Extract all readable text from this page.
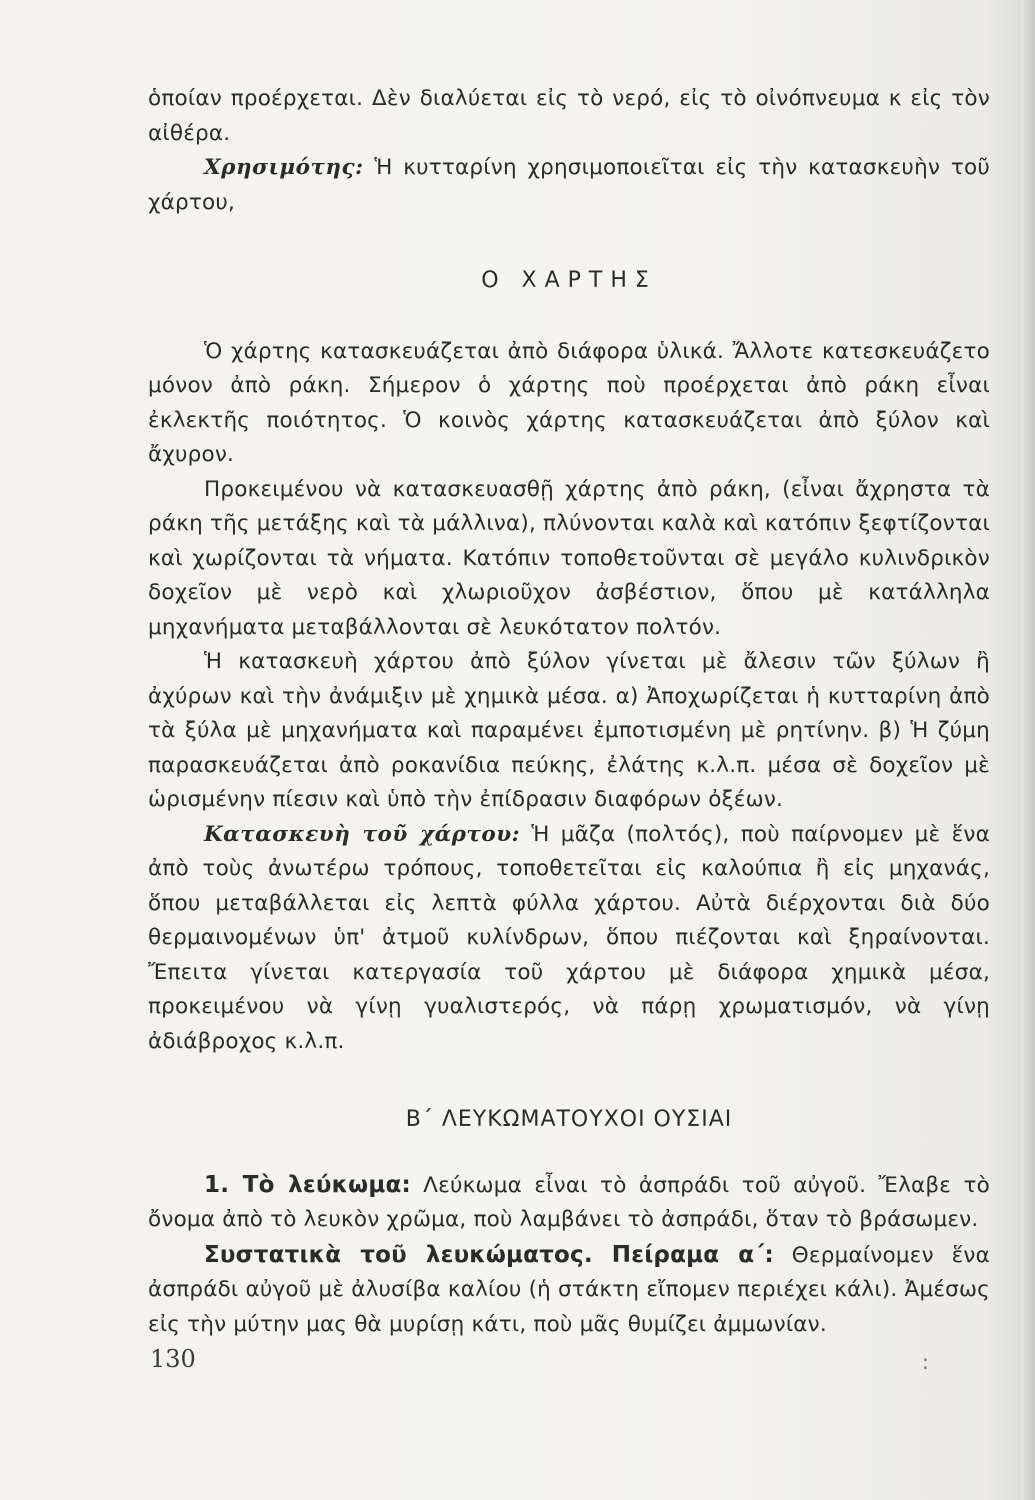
ὁποίαν προέρχεται. Δὲν διαλύεται εἰς τὸ νερό, εἰς τὸ οἰνόπνευμα κ εἰς τὸν αἰθέρα.

Χρησιμότης: Ἡ κυτταρίνη χρησιμοποιεῖται εἰς τὴν κατασκευὴν τοῦ χάρτου,

Ο ΧΑΡΤΗΣ

Ὁ χάρτης κατασκευάζεται ἀπὸ διάφορα ὑλικά. Ἄλλοτε κατεσκευάζετο μόνον ἀπὸ ράκη. Σήμερον ὁ χάρτης ποὺ προέρχεται ἀπὸ ράκη εἶναι ἐκλεκτῆς ποιότητος. Ὁ κοινὸς χάρτης κατασκευάζεται ἀπὸ ξύλον καὶ ἄχυρον.

Προκειμένου νὰ κατασκευασθῇ χάρτης ἀπὸ ράκη, (εἶναι ἄχρηστα τὰ ράκη τῆς μετάξης καὶ τὰ μάλλινα), πλύνονται καλὰ καὶ κατόπιν ξεφτίζονται καὶ χωρίζονται τὰ νήματα. Κατόπιν τοποθετοῦνται σὲ μεγάλο κυλινδρικὸν δοχεῖον μὲ νερὸ καὶ χλωριοῦχον ἀσβέστιον, ὅπου μὲ κατάλληλα μηχανήματα μεταβάλλονται σὲ λευκότατον πολτόν.

Ἡ κατασκευὴ χάρτου ἀπὸ ξύλον γίνεται μὲ ἄλεσιν τῶν ξύλων ἢ ἀχύρων καὶ τὴν ἀνάμιξιν μὲ χημικὰ μέσα. α) Ἀποχωρίζεται ἡ κυτταρίνη ἀπὸ τὰ ξύλα μὲ μηχανήματα καὶ παραμένει ἐμποτισμένη μὲ ρητίνην. β) Ἡ ζύμη παρασκευάζεται ἀπὸ ροκανίδια πεύκης, ἐλάτης κ.λ.π. μέσα σὲ δοχεῖον μὲ ὡρισμένην πίεσιν καὶ ὑπὸ τὴν ἐπίδρασιν διαφόρων ὀξέων.

Κατασκευὴ τοῦ χάρτου: Ἡ μᾶζα (πολτός), ποὺ παίρνομεν μὲ ἕνα ἀπὸ τοὺς ἀνωτέρω τρόπους, τοποθετεῖται εἰς καλούπια ἢ εἰς μηχανάς, ὅπου μεταβάλλεται εἰς λεπτὰ φύλλα χάρτου. Αὐτὰ διέρχονται διὰ δύο θερμαινομένων ὑπ' ἀτμοῦ κυλίνδρων, ὅπου πιέζονται καὶ ξηραίνονται. Ἔπειτα γίνεται κατεργασία τοῦ χάρτου μὲ διάφορα χημικὰ μέσα, προκειμένου νὰ γίνῃ γυαλιστερός, νὰ πάρῃ χρωματισμόν, νὰ γίνῃ ἀδιάβροχος κ.λ.π.

Β΄ ΛΕΥΚΩΜΑΤΟΥΧΟΙ ΟΥΣΙΑΙ

1. Τὸ λεύκωμα: Λεύκωμα εἶναι τὸ ἀσπράδι τοῦ αὐγοῦ. Ἔλαβε τὸ ὄνομα ἀπὸ τὸ λευκὸν χρῶμα, ποὺ λαμβάνει τὸ ἀσπράδι, ὅταν τὸ βράσωμεν.

Συστατικὰ τοῦ λευκώματος. Πείραμα α΄: Θερμαίνομεν ἕνα ἀσπράδι αὐγοῦ μὲ ἀλυσίβα καλίου (ἡ στάκτη εἴπομεν περιέχει κάλι). Ἀμέσως εἰς τὴν μύτην μας θὰ μυρίσῃ κάτι, ποὺ μᾶς θυμίζει ἀμμωνίαν.

130	:
